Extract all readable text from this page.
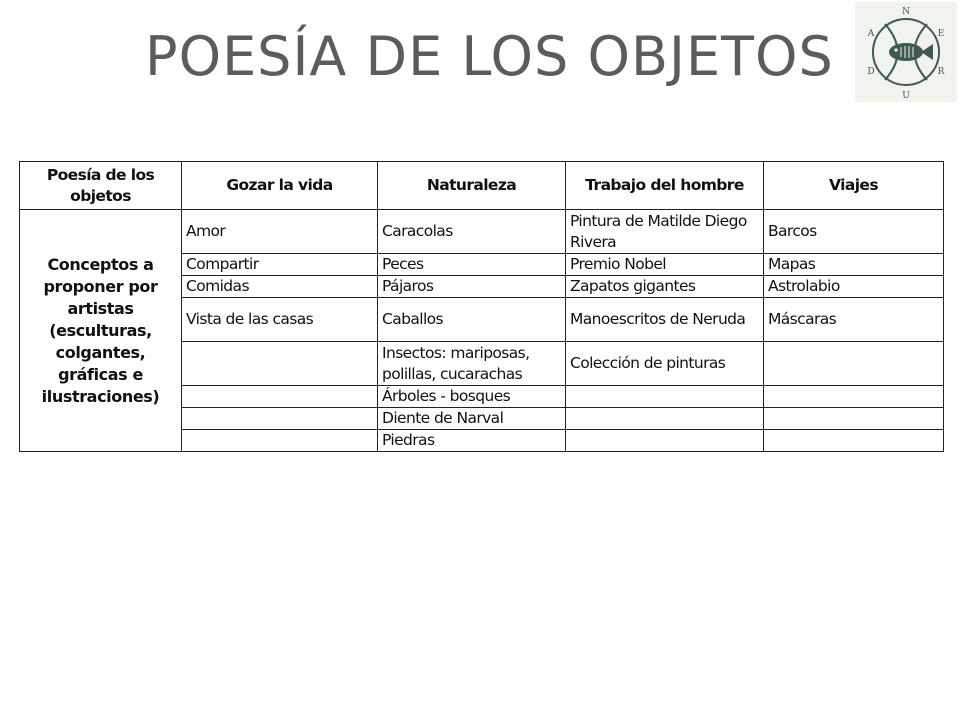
POESÍA DE LOS OBJETOS
N
E
R
U
D
A
Poesía de los objetos	Gozar la vida	Naturaleza	Trabajo del hombre	Viajes
Conceptos a proponer por artistas (esculturas, colgantes, gráficas e ilustraciones)	Amor	Caracolas	Pintura de Matilde Diego Rivera	Barcos
	Compartir	Peces	Premio Nobel	Mapas
	Comidas	Pájaros	Zapatos gigantes	Astrolabio
	Vista de las casas	Caballos	Manoescritos de Neruda	Máscaras
		Insectos: mariposas, polillas, cucarachas	Colección de pinturas	
		Árboles - bosques		
		Diente de Narval		
		Piedras		
